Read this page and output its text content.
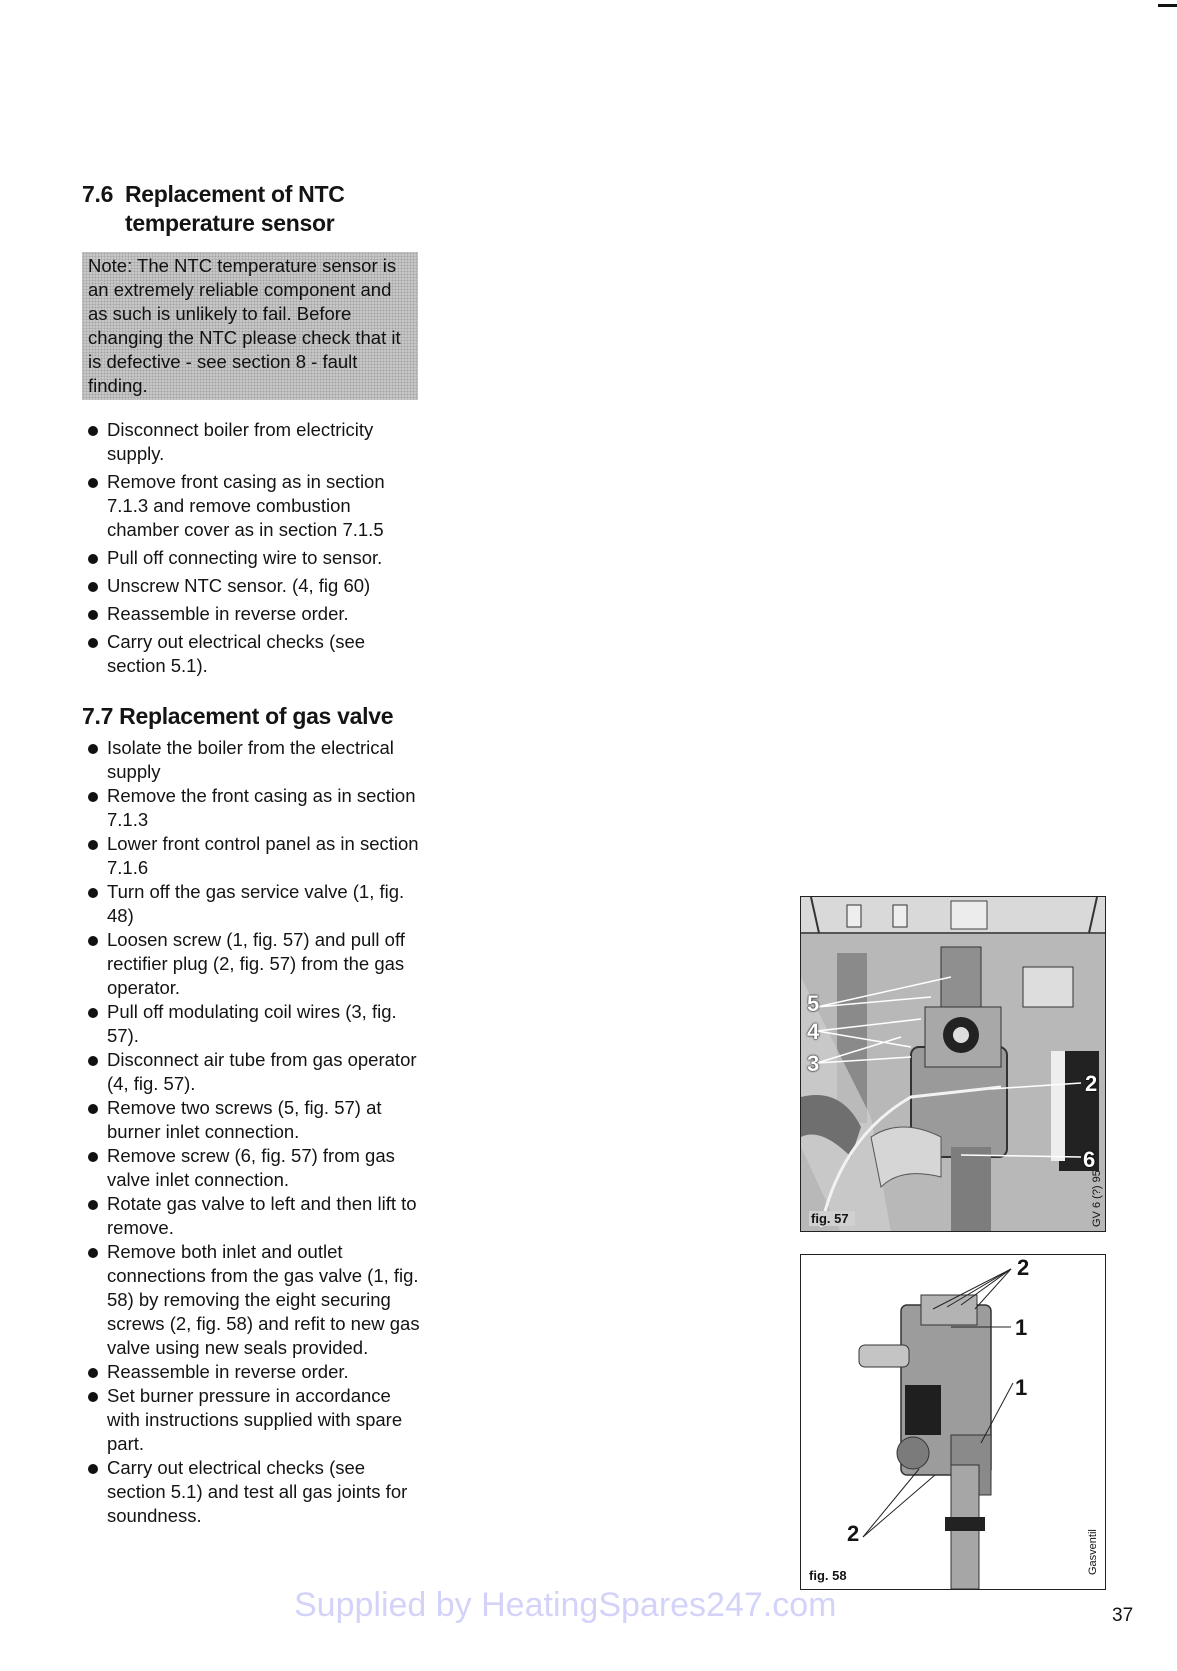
7.6 Replacement of NTC
temperature sensor
Note: The NTC temperature sensor is an extremely reliable component and as such is unlikely to fail. Before changing the NTC please check that it is defective - see section 8 - fault finding.
Disconnect boiler from electricity supply.
Remove front casing as in section 7.1.3 and remove combustion chamber cover as in section 7.1.5
Pull off connecting wire to sensor.
Unscrew NTC sensor. (4, fig 60)
Reassemble in reverse order.
Carry out electrical checks (see section 5.1).
7.7 Replacement of gas valve
Isolate the boiler from the electrical supply
Remove the front casing as in section 7.1.3
Lower front control panel as in section 7.1.6
Turn off the gas service valve (1, fig. 48)
Loosen screw (1, fig. 57) and pull off rectifier plug (2, fig. 57) from the gas operator.
Pull off modulating coil wires (3, fig. 57).
Disconnect air tube from gas operator (4, fig. 57).
Remove two screws (5, fig. 57) at burner inlet connection.
Remove screw (6, fig. 57) from gas valve inlet connection.
Rotate gas valve to left and then lift to remove.
Remove both inlet and outlet connections from the gas valve (1, fig. 58) by removing the eight securing screws (2, fig. 58) and refit to new gas valve using new seals provided.
Reassemble in reverse order.
Set burner pressure in accordance with instructions supplied with spare part.
Carry out electrical checks (see section 5.1) and test all gas joints for soundness.
5
4
3
2
6
fig. 57	GV 6 (?) 95
2
1
1
2
fig. 58
Gasventil
Supplied by HeatingSpares247.com	37
